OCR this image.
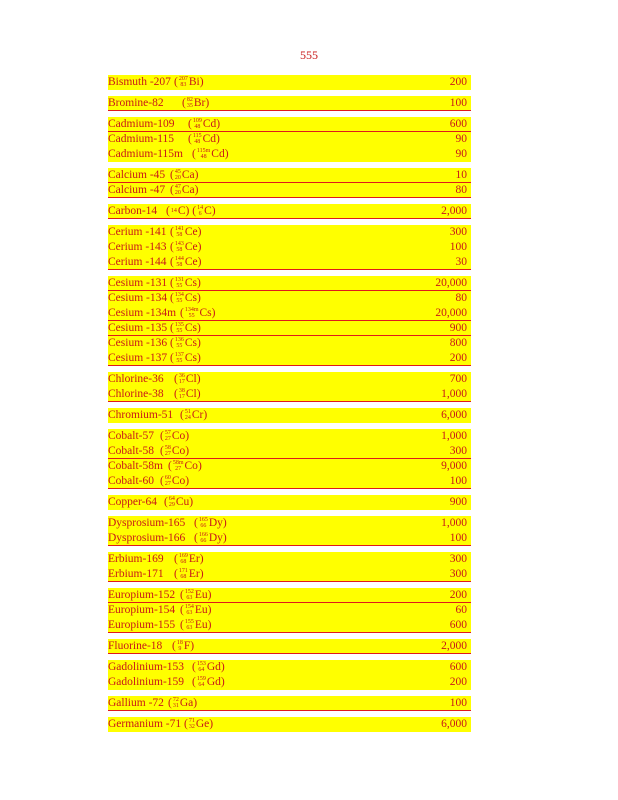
555
Bismuth -207 ( 207
83 Bi)	200
Bromine-82 ( 82
35 Br)	100
Cadmium-109 ( 109
48 Cd)	600
Cadmium-115 ( 115
48 Cd)	90
Cadmium-115m ( 115m
48 Cd)	90
Calcium -45 ( 45
20 Ca)	10
Calcium -47 ( 47
20 Ca)	80
Carbon-14 ( 14 C) ( 14
6 C)	2,000
Cerium -141 ( 141
58 Ce)	300
Cerium -143 ( 143
58 Ce)	100
Cerium -144 ( 144
58 Ce)	30
Cesium -131 ( 131
55 Cs)	20,000
Cesium -134 ( 134
55 Cs)	80
Cesium -134m ( 134m
55 Cs)	20,000
Cesium -135 ( 135
55 Cs)	900
Cesium -136 ( 136
55 Cs)	800
Cesium -137 ( 137
55 Cs)	200
Chlorine-36 ( 36
17 Cl)	700
Chlorine-38 ( 38
17 Cl)	1,000
Chromium-51 ( 51
24 Cr)	6,000
Cobalt-57 ( 57
27 Co)	1,000
Cobalt-58 ( 58
27 Co)	300
Cobalt-58m ( 58m
27 Co)	9,000
Cobalt-60 ( 60
27 Co)	100
Copper-64 ( 64
29 Cu)	900
Dysprosium-165 ( 165
66 Dy)	1,000
Dysprosium-166 ( 166
66 Dy)	100
Erbium-169 ( 169
68 Er)	300
Erbium-171 ( 171
68 Er)	300
Europium-152 ( 152
63 Eu)	200
Europium-154 ( 154
63 Eu)	60
Europium-155 ( 155
63 Eu)	600
Fluorine-18 ( 18
9 F)	2,000
Gadolinium-153 ( 153
64 Gd)	600
Gadolinium-159 ( 159
64 Gd)	200
Gallium -72 ( 72
31 Ga)	100
Germanium -71 ( 71
32 Ge)	6,000
